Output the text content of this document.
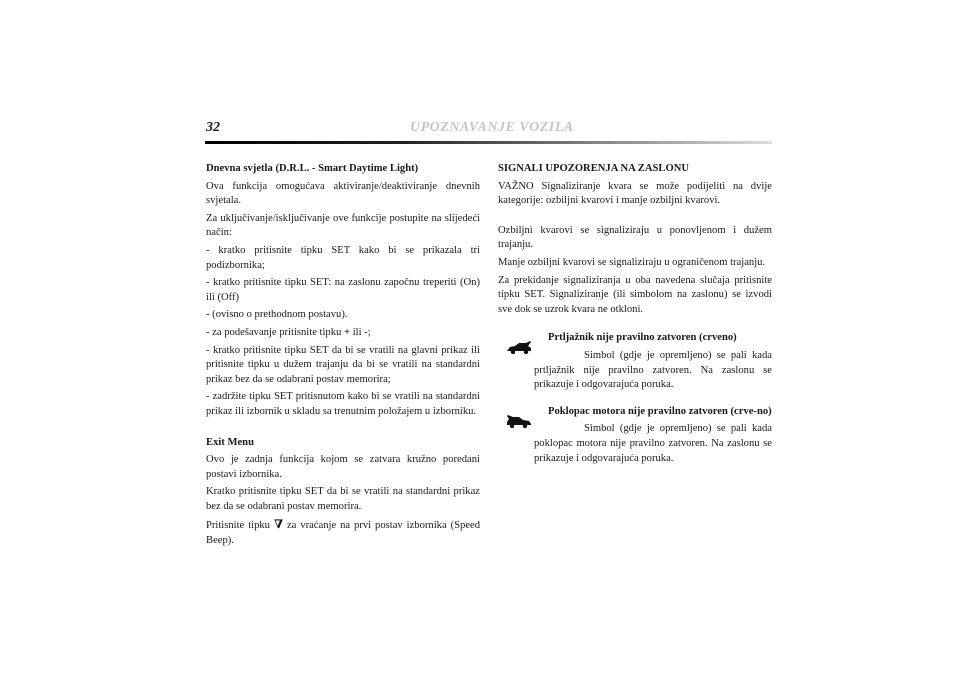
32	UPOZNAVANJE VOZILA

Dnevna svjetla (D.R.L. - Smart Daytime Light)

Ova funkcija omogućava aktiviranje/deaktiviranje dnevnih svjetala.

Za uključivanje/isključivanje ove funkcije postupite na slijedeći način:

- kratko pritisnite tipku SET kako bi se prikazala tri podizbornika;

- kratko pritisnite tipku SET: na zaslonu započnu treperiti (On) ili (Off)

- (ovisno o prethodnom postavu).

- za podešavanje pritisnite tipku + ili -;

- kratko pritisnite tipku SET da bi se vratili na glavni prikaz ili pritisnite tipku u dužem trajanju da bi se vratili na standardni prikaz bez da se odabrani postav memorira;

- zadržite tipku SET pritisnutom kako bi se vratili na standardni prikaz ili izbornik u skladu sa trenutnim položajem u izborniku.

Exit Menu

Ovo je zadnja funkcija kojom se zatvara kružno poredani postavi izbornika.

Kratko pritisnite tipku SET da bi se vratili na standardni prikaz bez da se odabrani postav memorira.

Pritisnite tipku ∇ za vraćanje na prvi postav izbornika (Speed Beep).

SIGNALI UPOZORENJA NA ZASLONU

VAŽNO Signaliziranje kvara se može podijeliti na dvije kategorije: ozbiljni kvarovi i manje ozbiljni kvarovi.

Ozbiljni kvarovi se signaliziraju u ponovljenom i dužem trajanju.

Manje ozbiljni kvarovi se signaliziraju u ograničenom trajanju.

Za prekidanje signaliziranja u oba navedena slučaja pritisnite tipku SET. Signaliziranje (ili simbolom na zaslonu) se izvodi sve dok se uzrok kvara ne otkloni.

Prtljažnik nije pravilno zatvoren (crveno)

Simbol (gdje je opremljeno) se pali kada prtljažnik nije pravilno zatvoren. Na zaslonu se prikazuje i odgovarajuća poruka.

Poklopac motora nije pravilno zatvoren (crve-no)

Simbol (gdje je opremljeno) se pali kada poklopac motora nije pravilno zatvoren. Na zaslonu se prikazuje i odgovarajuća poruka.
